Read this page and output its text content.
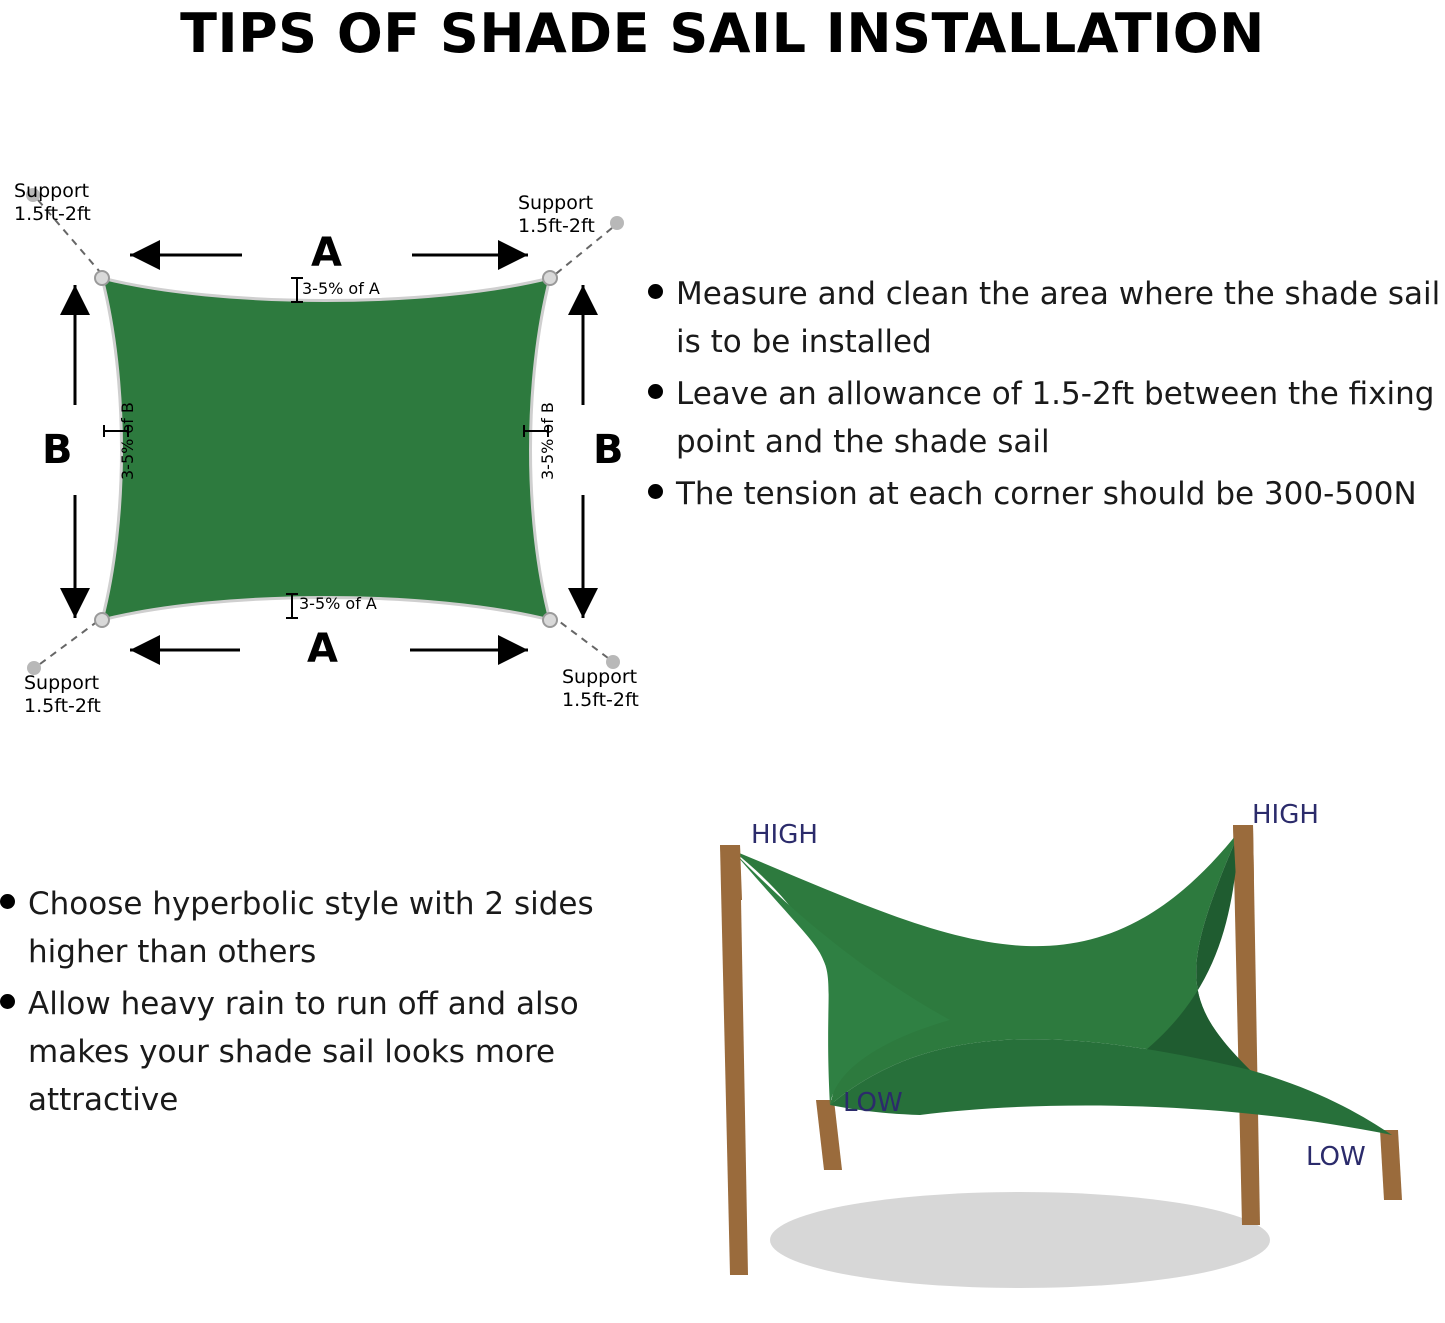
TIPS OF SHADE SAIL INSTALLATION
Support
1.5ft-2ft	Support
1.5ft-2ft
Support
1.5ft-2ft
Support
1.5ft-2ft
A
A
B	B
3-5% of A
3-5% of A
3-5% of B	3-5% of B
Measure and clean the area where the shade sail is to be installed
Leave an allowance of 1.5-2ft between the fixing point and the shade sail
The tension at each corner should be 300-500N
Choose hyperbolic style with 2 sides higher than others
Allow heavy rain to run off and also makes your shade sail looks more attractive
HIGH
HIGH
LOW
LOW
